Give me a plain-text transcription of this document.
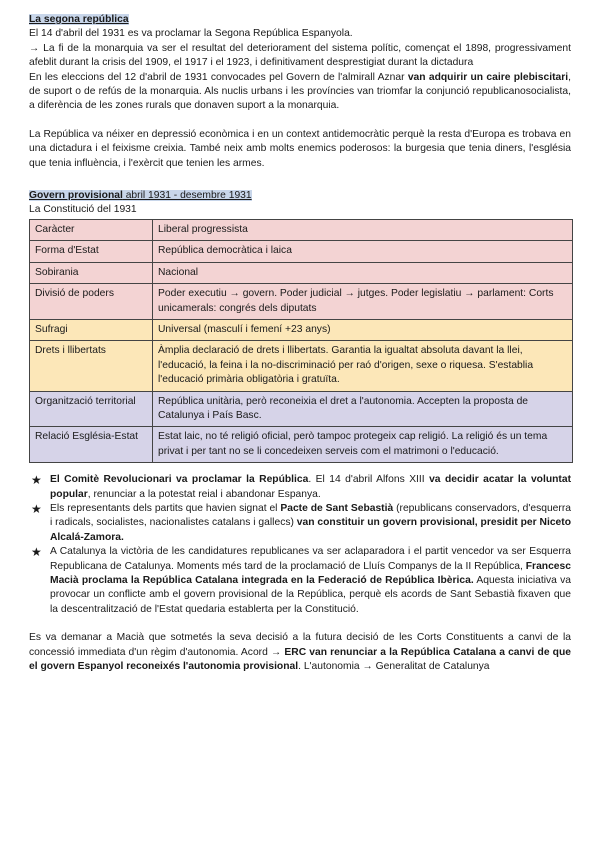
La segona república

El 14 d'abril del 1931 es va proclamar la Segona República Espanyola.

→ La fi de la monarquia va ser el resultat del deteriorament del sistema polític, començat el 1898, progressivament afeblit durant la crisis del 1909, el 1917 i el 1923, i definitivament desprestigiat durant la dictadura

En les eleccions del 12 d'abril de 1931 convocades pel Govern de l'almirall Aznar van adquirir un caire plebiscitari, de suport o de refús de la monarquia. Als nuclis urbans i les províncies van triomfar la conjunció republicanosocialista, a diferència de les zones rurals que donaven suport a la monarquia.

La República va néixer en depressió econòmica i en un context antidemocràtic perquè la resta d'Europa es trobava en una dictadura i el feixisme creixia. També neix amb molts enemics poderosos: la burgesia que tenia diners, l'església que tenia influència, i l'exèrcit que tenien les armes.

Govern provisional abril 1931 - desembre 1931

La Constitució del 1931

Caràcter	Liberal progressista
Forma d'Estat	República democràtica i laica
Sobirania	Nacional
Divisió de poders	Poder executiu → govern. Poder judicial → jutges. Poder legislatiu → parlament: Corts unicamerals: congrés dels diputats
Sufragi	Universal (masculí i femení +23 anys)
Drets i llibertats	Àmplia declaració de drets i llibertats. Garantia la igualtat absoluta davant la llei, l'educació, la feina i la no-discriminació per raó d'origen, sexe o riquesa. S'establia l'educació primària obligatòria i gratuïta.
Organització territorial	República unitària, però reconeixia el dret a l'autonomia. Accepten la proposta de Catalunya i País Basc.
Relació Església-Estat	Estat laic, no té religió oficial, però tampoc protegeix cap religió. La religió és un tema privat i per tant no se li concedeixen serveis com el matrimoni o l'educació.
★ El Comitè Revolucionari va proclamar la República. El 14 d'abril Alfons XIII va decidir acatar la voluntat popular, renunciar a la potestat reial i abandonar Espanya.
★ Els representants dels partits que havien signat el Pacte de Sant Sebastià (republicans conservadors, d'esquerra i radicals, socialistes, nacionalistes catalans i gallecs) van constituir un govern provisional, presidit per Niceto Alcalá-Zamora.
★ A Catalunya la victòria de les candidatures republicanes va ser aclaparadora i el partit vencedor va ser Esquerra Republicana de Catalunya. Moments més tard de la proclamació de Lluís Companys de la II República, Francesc Macià proclama la República Catalana integrada en la Federació de República Ibèrica. Aquesta iniciativa va provocar un conflicte amb el govern provisional de la República, perquè els acords de Sant Sebastià fixaven que la descentralització de l'Estat quedaria establerta per la Constitució.

Es va demanar a Macià que sotmetés la seva decisió a la futura decisió de les Corts Constituents a canvi de la concessió immediata d'un règim d'autonomia. Acord → ERC van renunciar a la República Catalana a canvi de que el govern Espanyol reconeixés l'autonomia provisional. L'autonomia → Generalitat de Catalunya
